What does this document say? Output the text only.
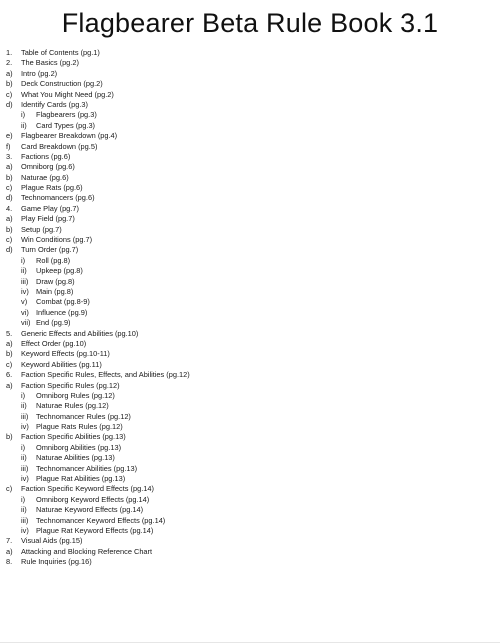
Flagbearer Beta Rule Book 3.1
1.	Table of Contents (pg.1)
2.	The Basics (pg.2)
a)	Intro (pg.2)
b)	Deck Construction (pg.2)
c)	What You Might Need (pg.2)
d)	Identify Cards (pg.3)
i)	Flagbearers (pg.3)
ii)	Card Types (pg.3)
e)	Flagbearer Breakdown (pg.4)
f)	Card Breakdown (pg.5)
3.	Factions (pg.6)
a)	Omniborg (pg.6)
b)	Naturae (pg.6)
c)	Plague Rats (pg.6)
d)	Technomancers (pg.6)
4.	Game Play (pg.7)
a)	Play Field (pg.7)
b)	Setup (pg.7)
c)	Win Conditions (pg.7)
d)	Turn Order (pg.7)
i)	Roll (pg.8)
ii)	Upkeep (pg.8)
iii)	Draw (pg.8)
iv) Main (pg.8)
v)	Combat (pg.8-9)
vi) Influence (pg.9)
vii) End (pg.9)
5.	Generic Effects and Abilities (pg.10)
a)	Effect Order (pg.10)
b)	Keyword Effects (pg.10-11)
c)	Keyword Abilities (pg.11)
6.	Faction Specific Rules, Effects, and Abilities (pg.12)
a)	Faction Specific Rules (pg.12)
i)	Omniborg Rules (pg.12)
ii)	Naturae Rules (pg.12)
iii)	Technomancer Rules (pg.12)
iv) Plague Rats Rules (pg.12)
b)	Faction Specific Abilities (pg.13)
i)	Omniborg Abilities (pg.13)
ii)	Naturae Abilities (pg.13)
iii)	Technomancer Abilities (pg.13)
iv) Plague Rat Abilities (pg.13)
c)	Faction Specific Keyword Effects (pg.14)
i)	Omniborg Keyword Effects (pg.14)
ii)	Naturae Keyword Effects (pg.14)
iii)	Technomancer Keyword Effects (pg.14)
iv) Plague Rat Keyword Effects (pg.14)
7.	Visual Aids (pg.15)
a)	Attacking and Blocking Reference Chart
8.	Rule Inquiries (pg.16)
